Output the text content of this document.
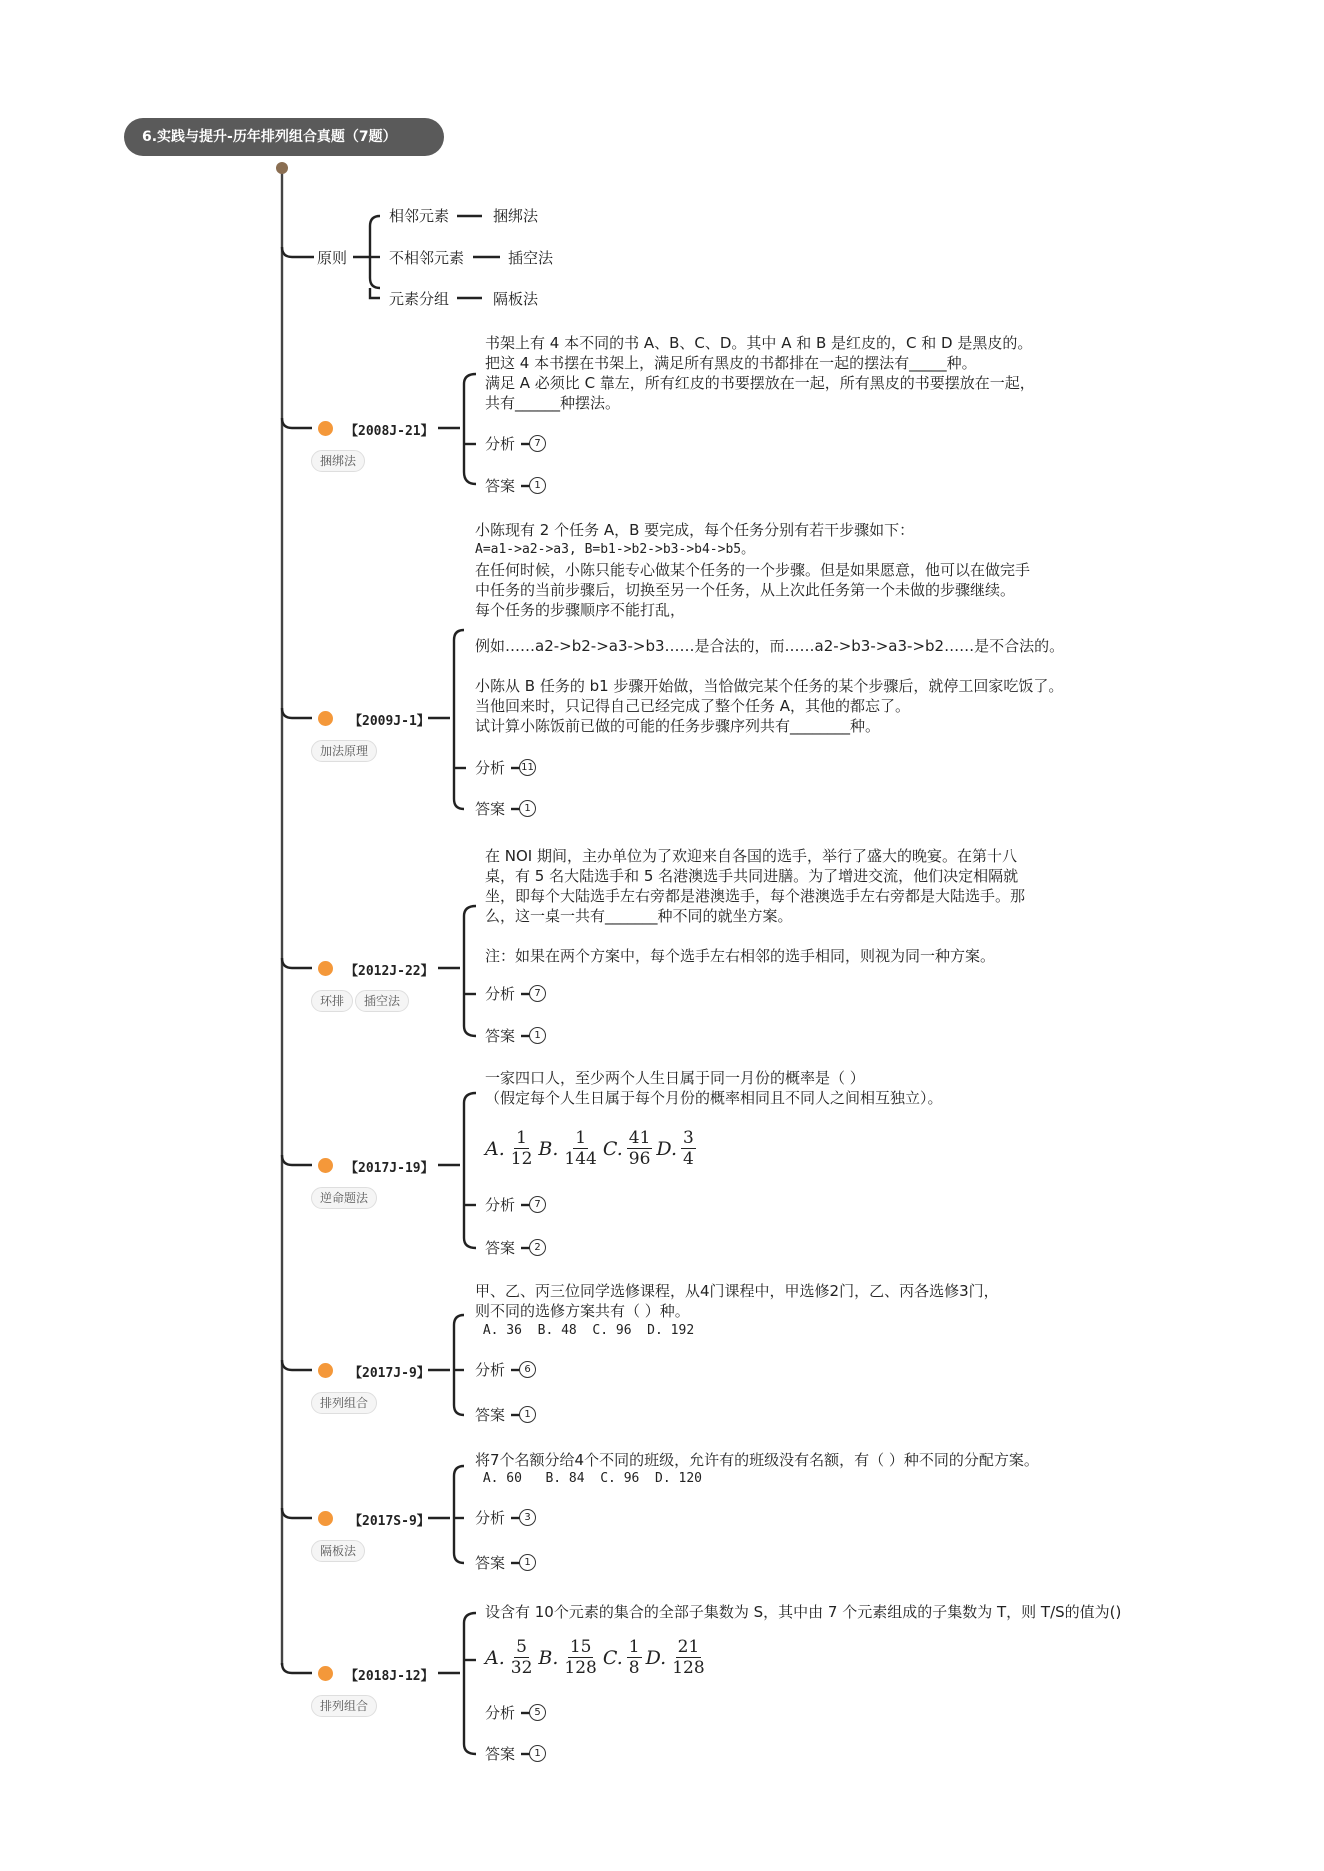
6.实践与提升-历年排列组合真题（7题）
原则
相邻元素	捆绑法
不相邻元素	插空法
元素分组	隔板法
【2008J-21】
捆绑法
书架上有 4 本不同的书 A、B、C、D。其中 A 和 B 是红皮的，C 和 D 是黑皮的。
把这 4 本书摆在书架上，满足所有黑皮的书都排在一起的摆法有_____种。
满足 A 必须比 C 靠左，所有红皮的书要摆放在一起，所有黑皮的书要摆放在一起，
共有______种摆法。
分析	7
答案	1
【2009J-1】
加法原理
小陈现有 2 个任务 A，B 要完成，每个任务分别有若干步骤如下：
A=a1->a2->a3, B=b1->b2->b3->b4->b5。
在任何时候，小陈只能专心做某个任务的一个步骤。但是如果愿意，他可以在做完手
中任务的当前步骤后，切换至另一个任务，从上次此任务第一个未做的步骤继续。
每个任务的步骤顺序不能打乱，
例如……a2->b2->a3->b3……是合法的，而……a2->b3->a3->b2……是不合法的。
小陈从 B 任务的 b1 步骤开始做，当恰做完某个任务的某个步骤后，就停工回家吃饭了。
当他回来时，只记得自己已经完成了整个任务 A，其他的都忘了。
试计算小陈饭前已做的可能的任务步骤序列共有________种。
分析 11
答案	1
【2012J-22】
环排	插空法
在 NOI 期间，主办单位为了欢迎来自各国的选手，举行了盛大的晚宴。在第十八
桌，有 5 名大陆选手和 5 名港澳选手共同进膳。为了增进交流，他们决定相隔就
坐，即每个大陆选手左右旁都是港澳选手，每个港澳选手左右旁都是大陆选手。那
么，这一桌一共有_______种不同的就坐方案。
注：如果在两个方案中，每个选手左右相邻的选手相同，则视为同一种方案。
分析	7
答案	1
【2017J-19】
逆命题法
一家四口人，至少两个人生日属于同一月份的概率是（ ）
（假定每个人生日属于每个月份的概率相同且不同人之间相互独立）。
A. $\frac{1}{12} B$. $\frac{1}{144} C$. $\frac{41}{96} D$. $\frac{3}{4}$
分析	7
答案	2
【2017J-9】
排列组合
甲、乙、丙三位同学选修课程，从4门课程中，甲选修2门，乙、丙各选修3门，
则不同的选修方案共有（ ）种。
A. 36  B. 48  C. 96  D. 192
分析	6
答案	1
【2017S-9】
隔板法
将7个名额分给4个不同的班级，允许有的班级没有名额，有（ ）种不同的分配方案。
A. 60   B. 84  C. 96  D. 120
分析	3
答案	1
【2018J-12】
排列组合
设含有 10个元素的集合的全部子集数为 S，其中由 7 个元素组成的子集数为 T，则 T/S的值为()
A. $\frac{5}{32} B$. $\frac{15}{128} C$. $\frac{1}{8} D$. $\frac{21}{128}$
分析	5
答案	1
